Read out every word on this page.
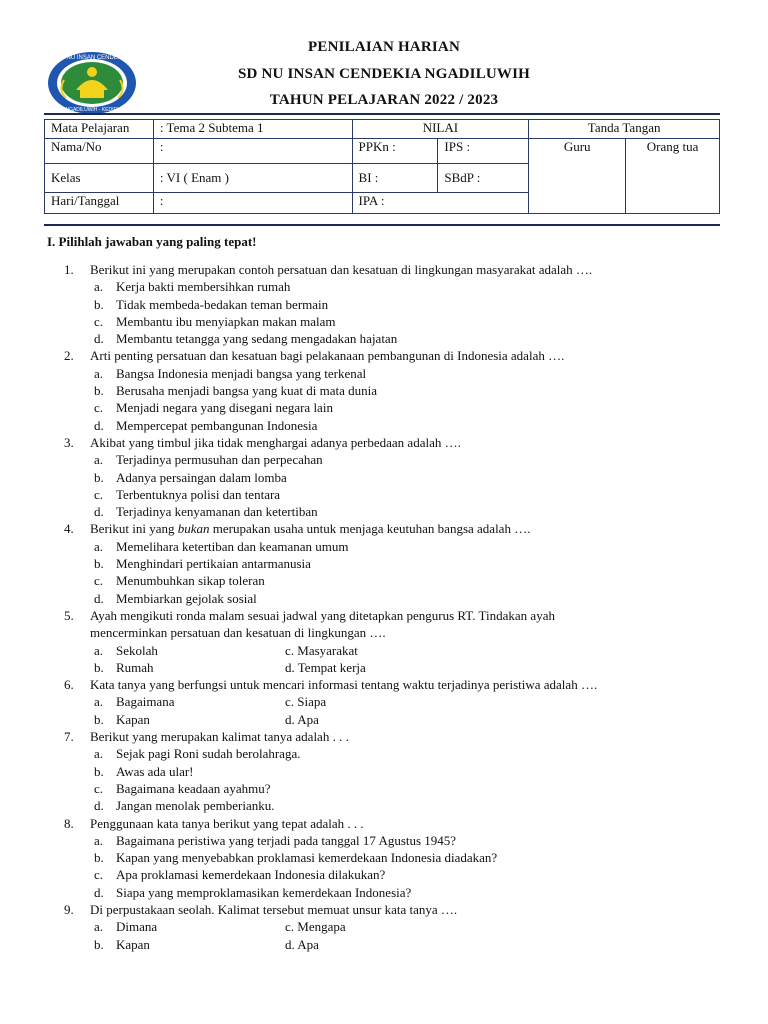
SD NU INSAN CENDEKIA
NGADILUWIH - KEDIRI
PENILAIAN HARIAN
SD NU INSAN CENDEKIA NGADILUWIH
TAHUN PELAJARAN 2022 / 2023
Mata Pelajaran	: Tema 2 Subtema 1	NILAI		Tanda Tangan	
Nama/No	:	PPKn :	IPS :	Guru	Orang tua
Kelas	: VI ( Enam )	BI :	SBdP :		
Hari/Tanggal	:	IPA :			
I. Pilihlah jawaban yang paling tepat!
1. Berikut ini yang merupakan contoh persatuan dan kesatuan di lingkungan masyarakat adalah ….
a. Kerja bakti membersihkan rumah
b. Tidak membeda-bedakan teman bermain
c. Membantu ibu menyiapkan makan malam
d. Membantu tetangga yang sedang mengadakan hajatan
2. Arti penting persatuan dan kesatuan bagi pelakanaan pembangunan di Indonesia adalah ….
a. Bangsa Indonesia menjadi bangsa yang terkenal
b. Berusaha menjadi bangsa yang kuat di mata dunia
c. Menjadi negara yang disegani negara lain
d. Mempercepat pembangunan Indonesia
3. Akibat yang timbul jika tidak menghargai adanya perbedaan adalah ….
a. Terjadinya permusuhan dan perpecahan
b. Adanya persaingan dalam lomba
c. Terbentuknya polisi dan tentara
d. Terjadinya kenyamanan dan ketertiban
4. Berikut ini yang bukan merupakan usaha untuk menjaga keutuhan bangsa adalah ….
a. Memelihara ketertiban dan keamanan umum
b. Menghindari pertikaian antarmanusia
c. Menumbuhkan sikap toleran
d. Membiarkan gejolak sosial
5. Ayah mengikuti ronda malam sesuai jadwal yang ditetapkan pengurus RT. Tindakan ayah
mencerminkan persatuan dan kesatuan di lingkungan ….
a. Sekolah	c. Masyarakat
b. Rumah	d. Tempat kerja
6. Kata tanya yang berfungsi untuk mencari informasi tentang waktu terjadinya peristiwa adalah ….
a. Bagaimana	c. Siapa
b. Kapan	d. Apa
7. Berikut yang merupakan kalimat tanya adalah . . .
a. Sejak pagi Roni sudah berolahraga.
b. Awas ada ular!
c. Bagaimana keadaan ayahmu?
d. Jangan menolak pemberianku.
8. Penggunaan kata tanya berikut yang tepat adalah . . .
a. Bagaimana peristiwa yang terjadi pada tanggal 17 Agustus 1945?
b. Kapan yang menyebabkan proklamasi kemerdekaan Indonesia diadakan?
c. Apa proklamasi kemerdekaan Indonesia dilakukan?
d. Siapa yang memproklamasikan kemerdekaan Indonesia?
9. Di perpustakaan seolah. Kalimat tersebut memuat unsur kata tanya ….
a. Dimana	c. Mengapa
b. Kapan	d. Apa
